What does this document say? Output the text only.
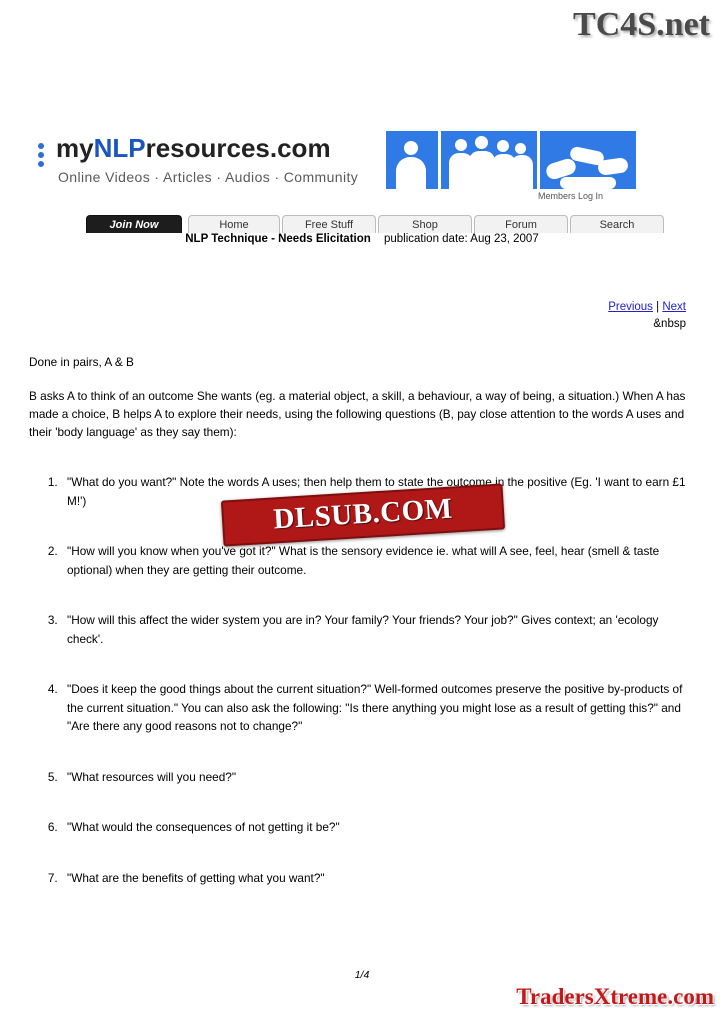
TC4S.net
myNLPresources.com
Online Videos · Articles · Audios · Community
Members Log In
Join Now	Home	Free Stuff	Shop	Forum	Search
NLP Technique - Needs Elicitation publication date: Aug 23, 2007
Previous | Next
&nbsp

Done in pairs, A & B

B asks A to think of an outcome She wants (eg. a material object, a skill, a behaviour, a way of being, a situation.) When A has made a choice, B helps A to explore their needs, using the following questions (B, pay close attention to the words A uses and their 'body language' as they say them):

1. "What do you want?" Note the words A uses; then help them to state the outcome in the positive (Eg. 'I want to earn £1 M!')
2. "How will you know when you've got it?" What is the sensory evidence ie. what will A see, feel, hear (smell & taste optional) when they are getting their outcome.
3. "How will this affect the wider system you are in? Your family? Your friends? Your job?" Gives context; an 'ecology check'.
4. "Does it keep the good things about the current situation?" Well-formed outcomes preserve the positive by-products of the current situation." You can also ask the following: "Is there anything you might lose as a result of getting this?" and "Are there any good reasons not to change?"
5. "What resources will you need?"
6. "What would the consequences of not getting it be?"
7. "What are the benefits of getting what you want?"
DLSUB.COM
1/4
TradersXtreme.com
